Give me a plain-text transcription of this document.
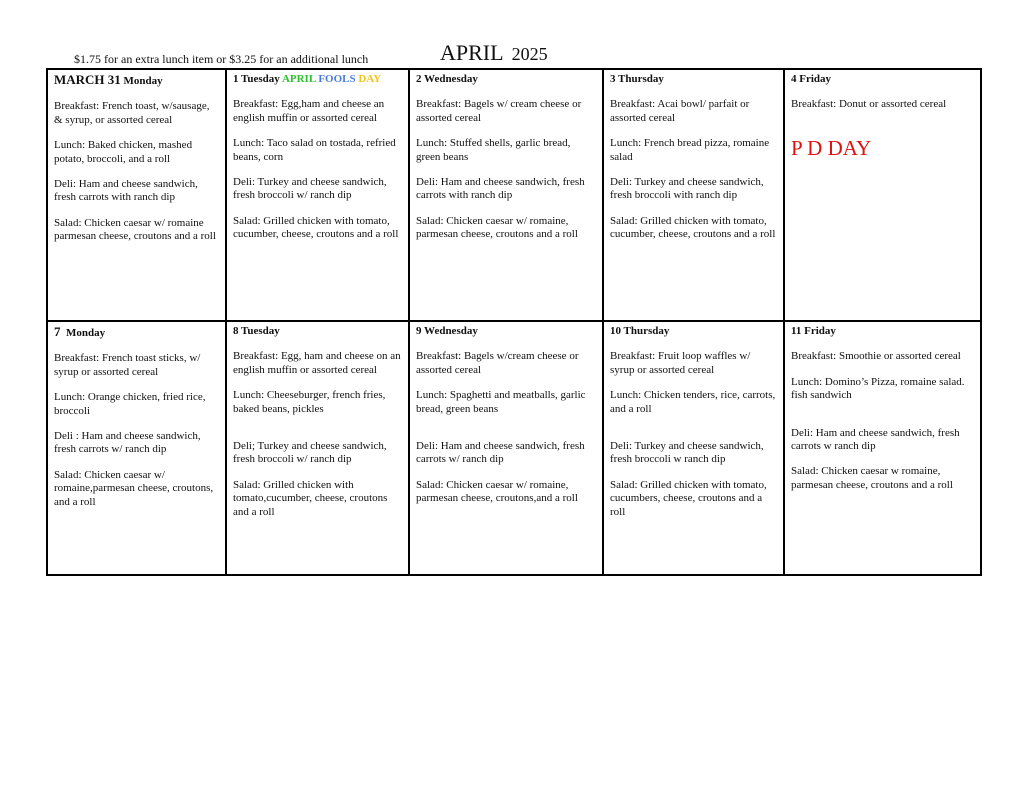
$1.75 for an extra lunch item or $3.25 for an additional lunch	APRIL 2025
MARCH 31 Monday
Breakfast: French toast, w/sausage, & syrup, or assorted cereal
Lunch: Baked chicken, mashed potato, broccoli, and a roll
Deli: Ham and cheese sandwich, fresh carrots with ranch dip
Salad: Chicken caesar w/ romaine parmesan cheese, croutons and a roll
1 Tuesday APRIL FOOLS DAY
Breakfast: Egg,ham and cheese an english muffin or assorted cereal
Lunch: Taco salad on tostada, refried beans, corn
Deli: Turkey and cheese sandwich, fresh broccoli w/ ranch dip
Salad: Grilled chicken with tomato, cucumber, cheese, croutons and a roll
2 Wednesday
Breakfast: Bagels w/ cream cheese or assorted cereal
Lunch: Stuffed shells, garlic bread, green beans
Deli: Ham and cheese sandwich, fresh carrots with ranch dip
Salad: Chicken caesar w/ romaine, parmesan cheese, croutons and a roll
3 Thursday
Breakfast: Acai bowl/ parfait or assorted cereal
Lunch: French bread pizza, romaine salad
Deli: Turkey and cheese sandwich, fresh broccoli with ranch dip
Salad: Grilled chicken with tomato, cucumber, cheese, croutons and a roll
4 Friday
Breakfast: Donut or assorted cereal
P D DAY
7 Monday
Breakfast: French toast sticks, w/ syrup or assorted cereal
Lunch: Orange chicken, fried rice, broccoli
Deli : Ham and cheese sandwich, fresh carrots w/ ranch dip
Salad: Chicken caesar w/ romaine,parmesan cheese, croutons, and a roll
8 Tuesday
Breakfast: Egg, ham and cheese on an english muffin or assorted cereal
Lunch: Cheeseburger, french fries, baked beans, pickles
Deli; Turkey and cheese sandwich, fresh broccoli w/ ranch dip
Salad: Grilled chicken with tomato,cucumber, cheese, croutons and a roll
9 Wednesday
Breakfast: Bagels w/cream cheese or assorted cereal
Lunch: Spaghetti and meatballs, garlic bread, green beans
Deli: Ham and cheese sandwich, fresh carrots w/ ranch dip
Salad: Chicken caesar w/ romaine, parmesan cheese, croutons,and a roll
10 Thursday
Breakfast: Fruit loop waffles w/ syrup or assorted cereal
Lunch: Chicken tenders, rice, carrots, and a roll
Deli: Turkey and cheese sandwich, fresh broccoli w ranch dip
Salad: Grilled chicken with tomato, cucumbers, cheese, croutons and a roll
11 Friday
Breakfast: Smoothie or assorted cereal
Lunch: Domino’s Pizza, romaine salad. fish sandwich
Deli: Ham and cheese sandwich, fresh carrots w ranch dip
Salad: Chicken caesar w romaine, parmesan cheese, croutons and a roll
